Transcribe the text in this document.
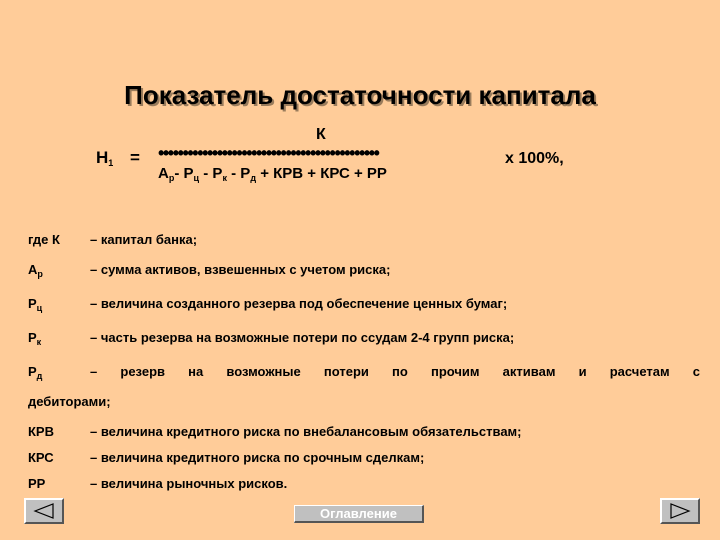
Показатель достаточности капитала
$Н_1$ =
К
•••••••••••••••••••••••••••••••••••••••••••••	х 100%,
$А_р-$ $Р_ц - Р_к - Р_д$ + КРВ + КРС + РР
где К	– капитал банка;
$А_р$	– сумма активов, взвешенных с учетом риска;
$Р_ц$	– величина созданного резерва под обеспечение ценных бумаг;
$Р_к$	– часть резерва на возможные потери по ссудам 2-4 групп риска;
$Р_д$	– резерв на возможные потери по прочим активам и расчетам с
дебиторами;
КРВ	– величина кредитного риска по внебалансовым обязательствам;
КРС	– величина кредитного риска по срочным сделкам;
РР	– величина рыночных рисков.
Оглавление
